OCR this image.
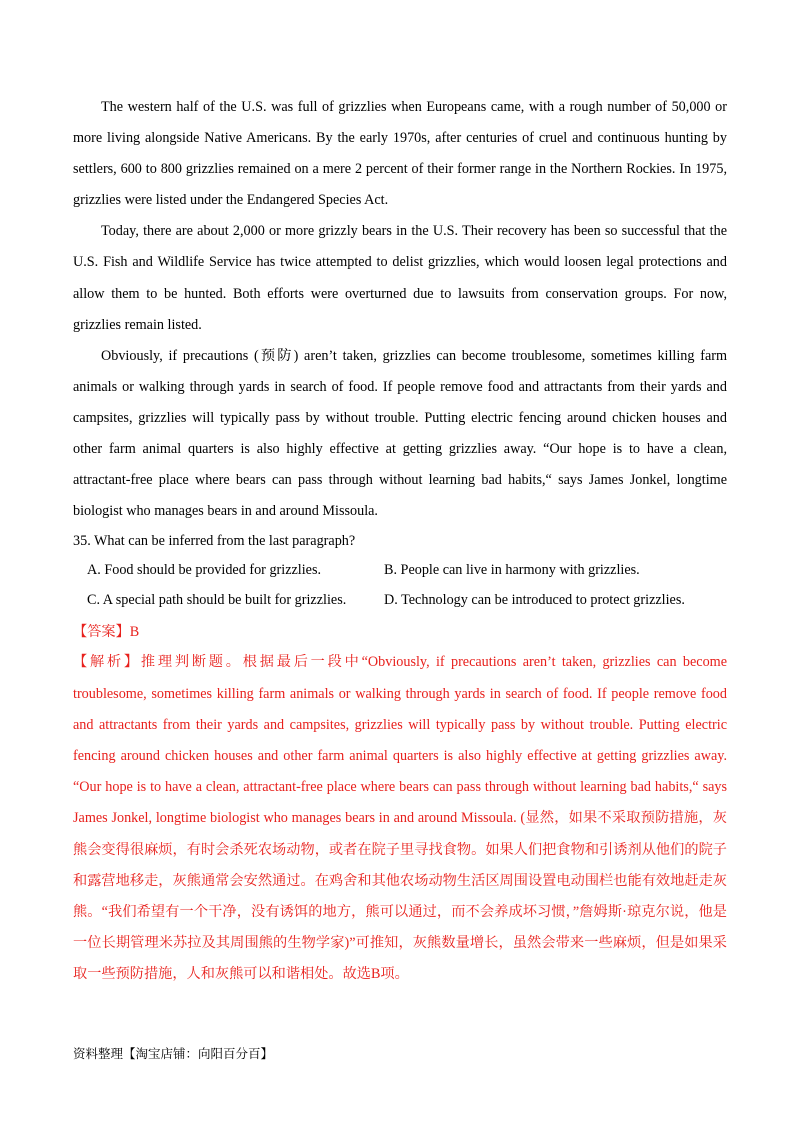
The western half of the U.S. was full of grizzlies when Europeans came, with a rough number of 50,000 or more living alongside Native Americans. By the early 1970s, after centuries of cruel and continuous hunting by settlers, 600 to 800 grizzlies remained on a mere 2 percent of their former range in the Northern Rockies. In 1975, grizzlies were listed under the Endangered Species Act.

Today, there are about 2,000 or more grizzly bears in the U.S. Their recovery has been so successful that the U.S. Fish and Wildlife Service has twice attempted to delist grizzlies, which would loosen legal protections and allow them to be hunted. Both efforts were overturned due to lawsuits from conservation groups. For now, grizzlies remain listed.

Obviously, if precautions (预防) aren’t taken, grizzlies can become troublesome, sometimes killing farm animals or walking through yards in search of food. If people remove food and attractants from their yards and campsites, grizzlies will typically pass by without trouble. Putting electric fencing around chicken houses and other farm animal quarters is also highly effective at getting grizzlies away. “Our hope is to have a clean, attractant-free place where bears can pass through without learning bad habits,“ says James Jonkel, longtime biologist who manages bears in and around Missoula.

35. What can be inferred from the last paragraph?

A. Food should be provided for grizzlies.	B. People can live in harmony with grizzlies.
C. A special path should be built for grizzlies.	D. Technology can be introduced to protect grizzlies.

【答案】B

【解析】推理判断题。根据最后一段中“Obviously, if precautions aren’t taken, grizzlies can become troublesome, sometimes killing farm animals or walking through yards in search of food. If people remove food and attractants from their yards and campsites, grizzlies will typically pass by without trouble. Putting electric fencing around chicken houses and other farm animal quarters is also highly effective at getting grizzlies away. “Our hope is to have a clean, attractant-free place where bears can pass through without learning bad habits,“ says James Jonkel, longtime biologist who manages bears in and around Missoula. (显然，如果不采取预防措施，灰熊会变得很麻烦，有时会杀死农场动物，或者在院子里寻找食物。如果人们把食物和引诱剂从他们的院子和露营地移走，灰熊通常会安然通过。在鸡舍和其他农场动物生活区周围设置电动围栏也能有效地赶走灰熊。“我们希望有一个干净，没有诱饵的地方，熊可以通过，而不会养成坏习惯，”詹姆斯·琼克尔说，他是一位长期管理米苏拉及其周围熊的生物学家)”可推知，灰熊数量增长，虽然会带来一些麻烦，但是如果采取一些预防措施，人和灰熊可以和谐相处。故选B项。

资料整理【淘宝店铺：向阳百分百】
